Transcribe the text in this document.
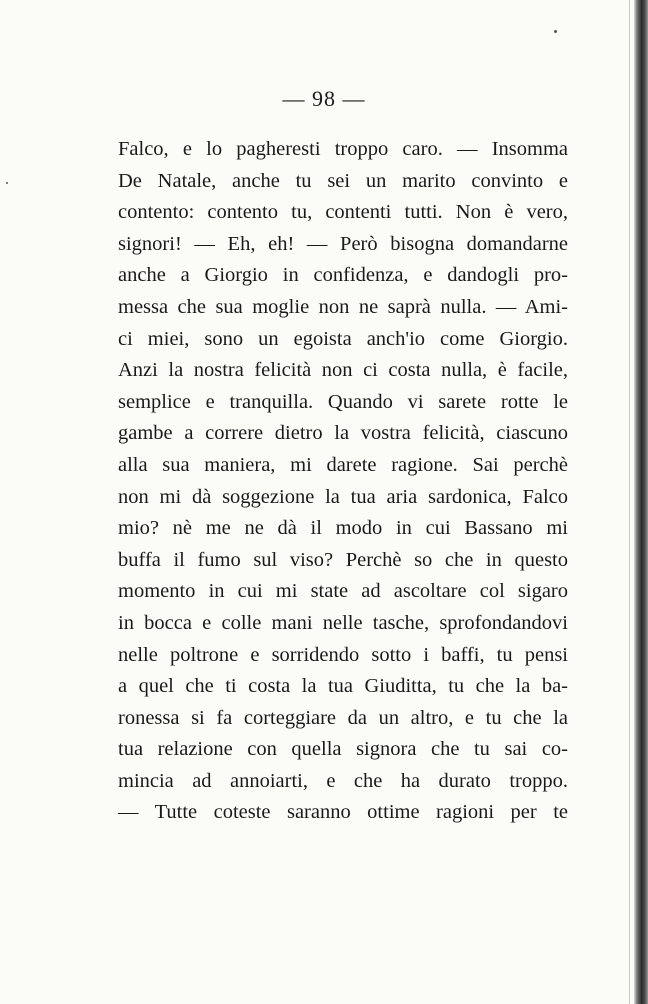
— 98 —
Falco, e lo pagheresti troppo caro. — Insomma
De Natale, anche tu sei un marito convinto e
contento: contento tu, contenti tutti. Non è vero,
signori! — Eh, eh! — Però bisogna domandarne
anche a Giorgio in confidenza, e dandogli pro-
messa che sua moglie non ne saprà nulla. — Ami-
ci miei, sono un egoista anch'io come Giorgio.
Anzi la nostra felicità non ci costa nulla, è facile,
semplice e tranquilla. Quando vi sarete rotte le
gambe a correre dietro la vostra felicità, ciascuno
alla sua maniera, mi darete ragione. Sai perchè
non mi dà soggezione la tua aria sardonica, Falco
mio? nè me ne dà il modo in cui Bassano mi
buffa il fumo sul viso? Perchè so che in questo
momento in cui mi state ad ascoltare col sigaro
in bocca e colle mani nelle tasche, sprofondandovi
nelle poltrone e sorridendo sotto i baffi, tu pensi
a quel che ti costa la tua Giuditta, tu che la ba-
ronessa si fa corteggiare da un altro, e tu che la
tua relazione con quella signora che tu sai co-
mincia ad annoiarti, e che ha durato troppo.
— Tutte coteste saranno ottime ragioni per te
